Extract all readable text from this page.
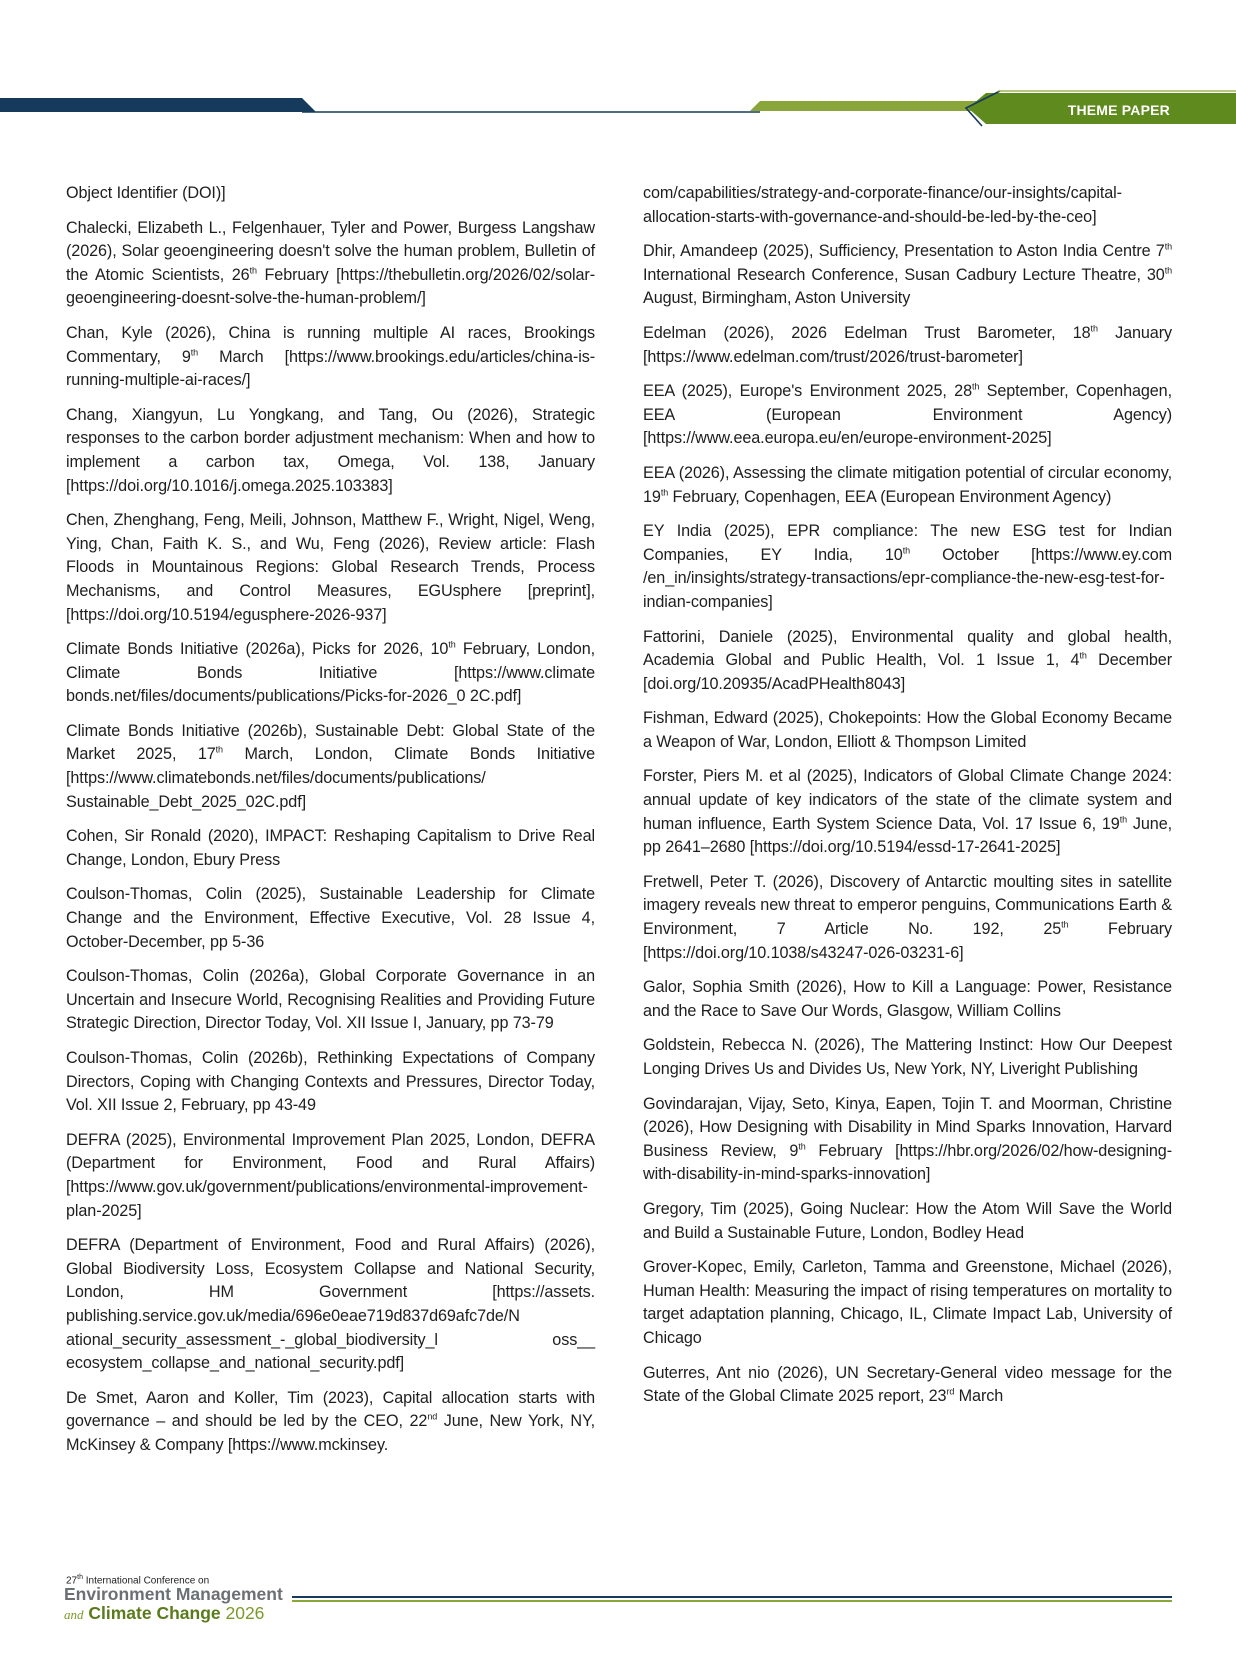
THEME PAPER

Object Identifier (DOI)]

Chalecki, Elizabeth L., Felgenhauer, Tyler and Power, Burgess Langshaw (2026), Solar geoengineering doesn't solve the human problem, Bulletin of the Atomic Scientists, 26th February [https://thebulletin.org/2026/02/solar-geoengineering-doesnt-solve-the-human-problem/]

Chan, Kyle (2026), China is running multiple AI races, Brookings Commentary, 9th March [https://www.brookings.edu/articles/china-is-running-multiple-ai-races/]

Chang, Xiangyun, Lu Yongkang, and Tang, Ou (2026), Strategic responses to the carbon border adjustment mechanism: When and how to implement a carbon tax, Omega, Vol. 138, January [https://doi.org/10.1016/j.omega.2025.103383]

Chen, Zhenghang, Feng, Meili, Johnson, Matthew F., Wright, Nigel, Weng, Ying, Chan, Faith K. S., and Wu, Feng (2026), Review article: Flash Floods in Mountainous Regions: Global Research Trends, Process Mechanisms, and Control Measures, EGUsphere [preprint], [https://doi.org/10.5194/egusphere-2026-937]

Climate Bonds Initiative (2026a), Picks for 2026, 10th February, London, Climate Bonds Initiative [https://www.climate bonds.net/files/documents/publications/Picks-for-2026_0 2C.pdf]

Climate Bonds Initiative (2026b), Sustainable Debt: Global State of the Market 2025, 17th March, London, Climate Bonds Initiative [https://www.climatebonds.net/files/documents/publications/ Sustainable_Debt_2025_02C.pdf]

Cohen, Sir Ronald (2020), IMPACT: Reshaping Capitalism to Drive Real Change, London, Ebury Press

Coulson-Thomas, Colin (2025), Sustainable Leadership for Climate Change and the Environment, Effective Executive, Vol. 28 Issue 4, October-December, pp 5-36

Coulson-Thomas, Colin (2026a), Global Corporate Governance in an Uncertain and Insecure World, Recognising Realities and Providing Future Strategic Direction, Director Today, Vol. XII Issue I, January, pp 73-79

Coulson-Thomas, Colin (2026b), Rethinking Expectations of Company Directors, Coping with Changing Contexts and Pressures, Director Today, Vol. XII Issue 2, February, pp 43-49

DEFRA (2025), Environmental Improvement Plan 2025, London, DEFRA (Department for Environment, Food and Rural Affairs) [https://www.gov.uk/government/publications/environmental-improvement-plan-2025]

DEFRA (Department of Environment, Food and Rural Affairs) (2026), Global Biodiversity Loss, Ecosystem Collapse and National Security, London, HM Government [https://assets. publishing.service.gov.uk/media/696e0eae719d837d69afc7de/N ational_security_assessment_-_global_biodiversity_l oss__ ecosystem_collapse_and_national_security.pdf]

De Smet, Aaron and Koller, Tim (2023), Capital allocation starts with governance – and should be led by the CEO, 22nd June, New York, NY, McKinsey & Company [https://www.mckinsey.

com/capabilities/strategy-and-corporate-finance/our-insights/capital-allocation-starts-with-governance-and-should-be-led-by-the-ceo]

Dhir, Amandeep (2025), Sufficiency, Presentation to Aston India Centre 7th International Research Conference, Susan Cadbury Lecture Theatre, 30th August, Birmingham, Aston University

Edelman (2026), 2026 Edelman Trust Barometer, 18th January [https://www.edelman.com/trust/2026/trust-barometer]

EEA (2025), Europe's Environment 2025, 28th September, Copenhagen, EEA (European Environment Agency) [https://www.eea.europa.eu/en/europe-environment-2025]

EEA (2026), Assessing the climate mitigation potential of circular economy, 19th February, Copenhagen, EEA (European Environment Agency)

EY India (2025), EPR compliance: The new ESG test for Indian Companies, EY India, 10th October [https://www.ey.com /en_in/insights/strategy-transactions/epr-compliance-the-new-esg-test-for-indian-companies]

Fattorini, Daniele (2025), Environmental quality and global health, Academia Global and Public Health, Vol. 1 Issue 1, 4th December [doi.org/10.20935/AcadPHealth8043]

Fishman, Edward (2025), Chokepoints: How the Global Economy Became a Weapon of War, London, Elliott & Thompson Limited

Forster, Piers M. et al (2025), Indicators of Global Climate Change 2024: annual update of key indicators of the state of the climate system and human influence, Earth System Science Data, Vol. 17 Issue 6, 19th June, pp 2641–2680 [https://doi.org/10.5194/essd-17-2641-2025]

Fretwell, Peter T. (2026), Discovery of Antarctic moulting sites in satellite imagery reveals new threat to emperor penguins, Communications Earth & Environment, 7 Article No. 192, 25th February [https://doi.org/10.1038/s43247-026-03231-6]

Galor, Sophia Smith (2026), How to Kill a Language: Power, Resistance and the Race to Save Our Words, Glasgow, William Collins

Goldstein, Rebecca N. (2026), The Mattering Instinct: How Our Deepest Longing Drives Us and Divides Us, New York, NY, Liveright Publishing

Govindarajan, Vijay, Seto, Kinya, Eapen, Tojin T. and Moorman, Christine (2026), How Designing with Disability in Mind Sparks Innovation, Harvard Business Review, 9th February [https://hbr.org/2026/02/how-designing-with-disability-in-mind-sparks-innovation]

Gregory, Tim (2025), Going Nuclear: How the Atom Will Save the World and Build a Sustainable Future, London, Bodley Head

Grover-Kopec, Emily, Carleton, Tamma and Greenstone, Michael (2026), Human Health: Measuring the impact of rising temperatures on mortality to target adaptation planning, Chicago, IL, Climate Impact Lab, University of Chicago

Guterres, Ant nio (2026), UN Secretary-General video message for the State of the Global Climate 2025 report, 23rd March

27th International Conference on
Environment Management
and Climate Change 2026
